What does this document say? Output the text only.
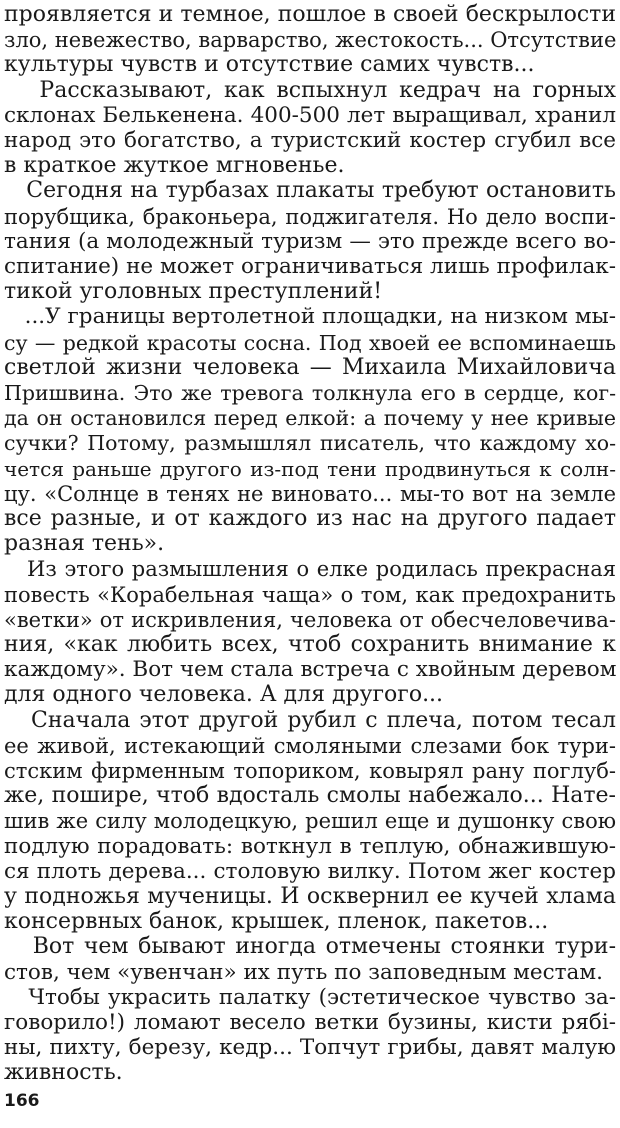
проявляется и темное, пошлое в своей бескрылости
зло, невежество, варварство, жестокость... Отсутствие
культуры чувств и отсутствие самих чувств...
Рассказывают, как вспыхнул кедрач на горных
склонах Белькенена. 400-500 лет выращивал, хранил
народ это богатство, а туристский костер сгубил все
в краткое жуткое мгновенье.
Сегодня на турбазах плакаты требуют остановить
порубщика, браконьера, поджигателя. Но дело воспи-
тания (а молодежный туризм — это прежде всего во-
спитание) не может ограничиваться лишь профилак-
тикой уголовных преступлений!
...У границы вертолетной площадки, на низком мы-
су — редкой красоты сосна. Под хвоей ее вспоминаешь
светлой жизни человека — Михаила Михайловича
Пришвина. Это же тревога толкнула его в сердце, ког-
да он остановился перед елкой: а почему у нее кривые
сучки? Потому, размышлял писатель, что каждому хо-
чется раньше другого из-под тени продвинуться к солн-
цу. «Солнце в тенях не виновато... мы-то вот на земле
все разные, и от каждого из нас на другого падает
разная тень».
Из этого размышления о елке родилась прекрасная
повесть «Корабельная чаща» о том, как предохранить
«ветки» от искривления, человека от обесчеловечива-
ния, «как любить всех, чтоб сохранить внимание к
каждому». Вот чем стала встреча с хвойным деревом
для одного человека. А для другого...
Сначала этот другой рубил с плеча, потом тесал
ее живой, истекающий смоляными слезами бок тури-
стским фирменным топориком, ковырял рану поглуб-
же, пошире, чтоб вдосталь смолы набежало... Нате-
шив же силу молодецкую, решил еще и душонку свою
подлую порадовать: воткнул в теплую, обнажившую-
ся плоть дерева... столовую вилку. Потом жег костер
у подножья мученицы. И осквернил ее кучей хлама
консервных банок, крышек, пленок, пакетов...
Вот чем бывают иногда отмечены стоянки тури-
стов, чем «увенчан» их путь по заповедным местам.
Чтобы украсить палатку (эстетическое чувство за-
говорило!) ломают весело ветки бузины, кисти рябі-
ны, пихту, березу, кедр... Топчут грибы, давят малую
живность.
166
